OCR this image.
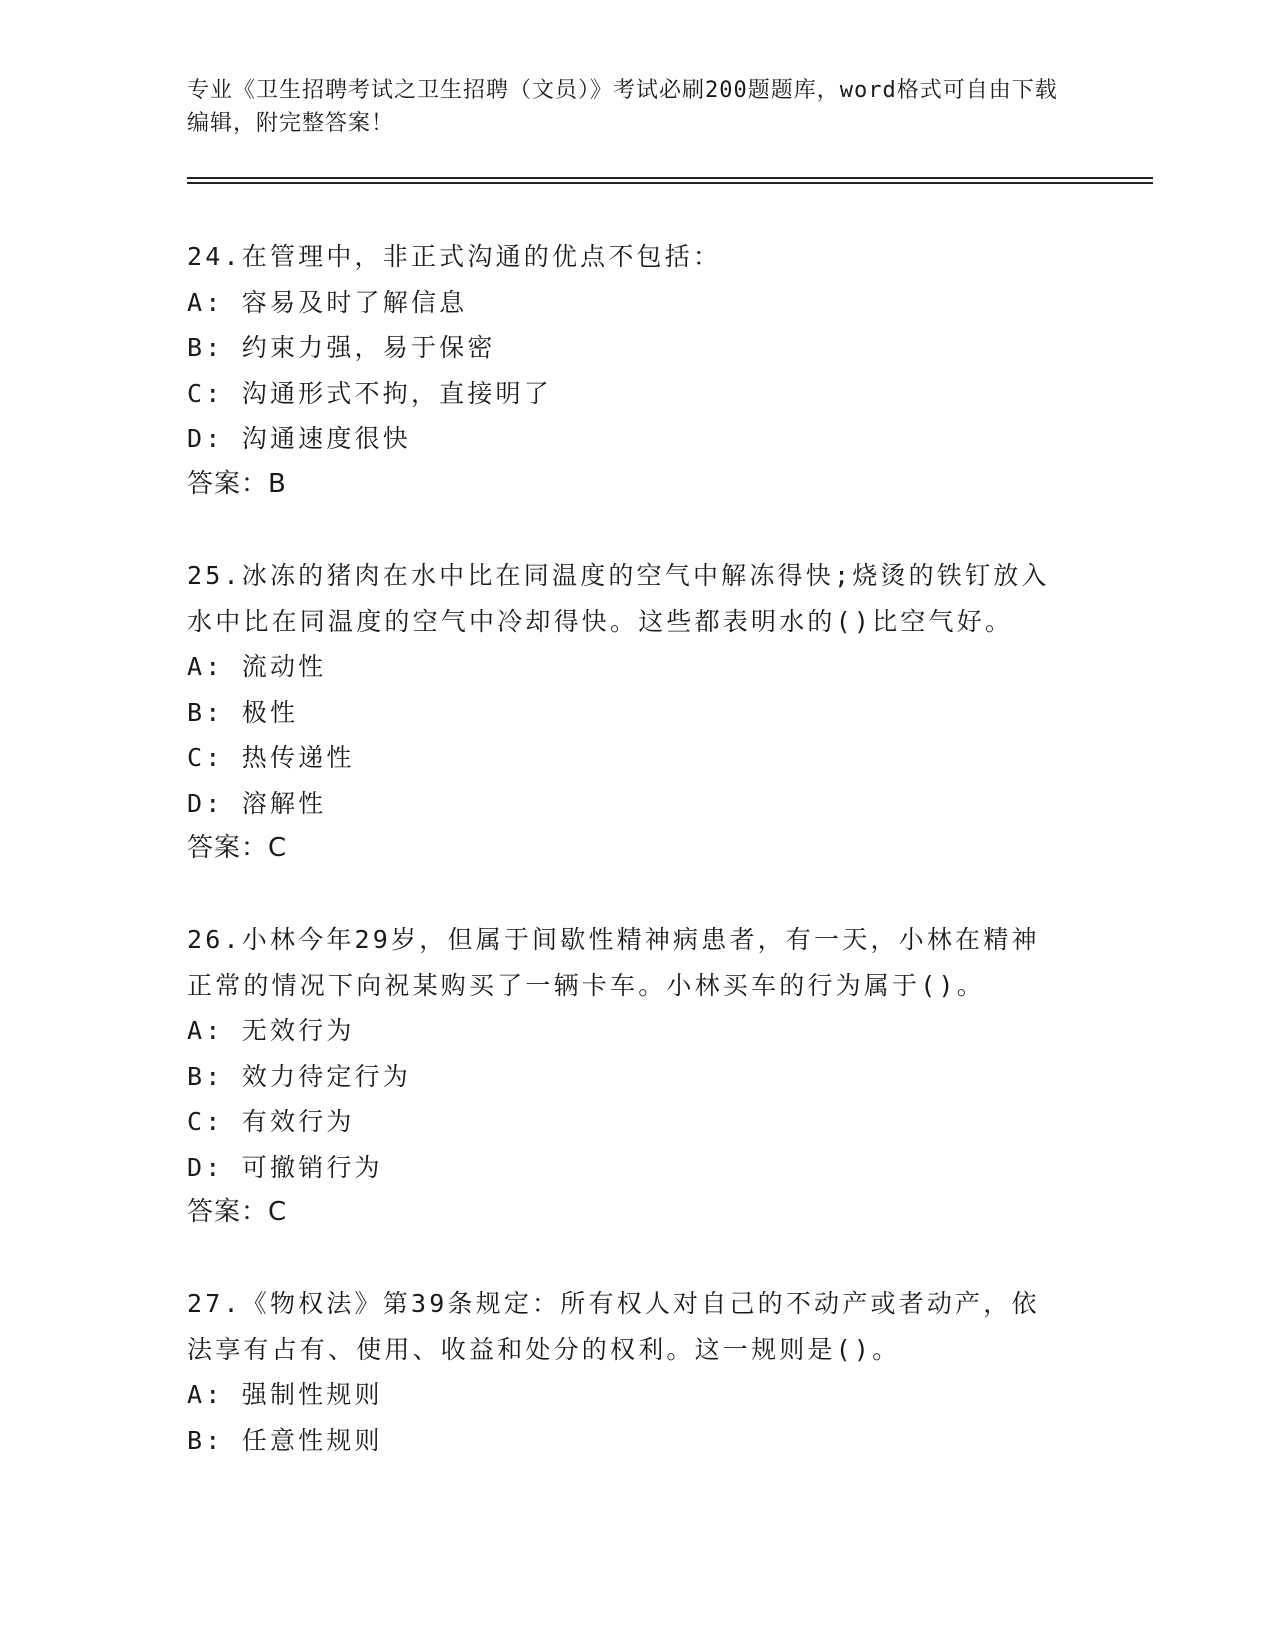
专业《卫生招聘考试之卫生招聘（文员）》考试必刷200题题库，word格式可自由下载编辑，附完整答案！
24.在管理中，非正式沟通的优点不包括：
A: 容易及时了解信息
B: 约束力强，易于保密
C: 沟通形式不拘，直接明了
D: 沟通速度很快
答案：B
25.冰冻的猪肉在水中比在同温度的空气中解冻得快;烧烫的铁钉放入水中比在同温度的空气中冷却得快。这些都表明水的()比空气好。
A: 流动性
B: 极性
C: 热传递性
D: 溶解性
答案：C
26.小林今年29岁，但属于间歇性精神病患者，有一天，小林在精神正常的情况下向祝某购买了一辆卡车。小林买车的行为属于()。
A: 无效行为
B: 效力待定行为
C: 有效行为
D: 可撤销行为
答案：C
27.《物权法》第39条规定：所有权人对自己的不动产或者动产，依法享有占有、使用、收益和处分的权利。这一规则是()。
A: 强制性规则
B: 任意性规则
